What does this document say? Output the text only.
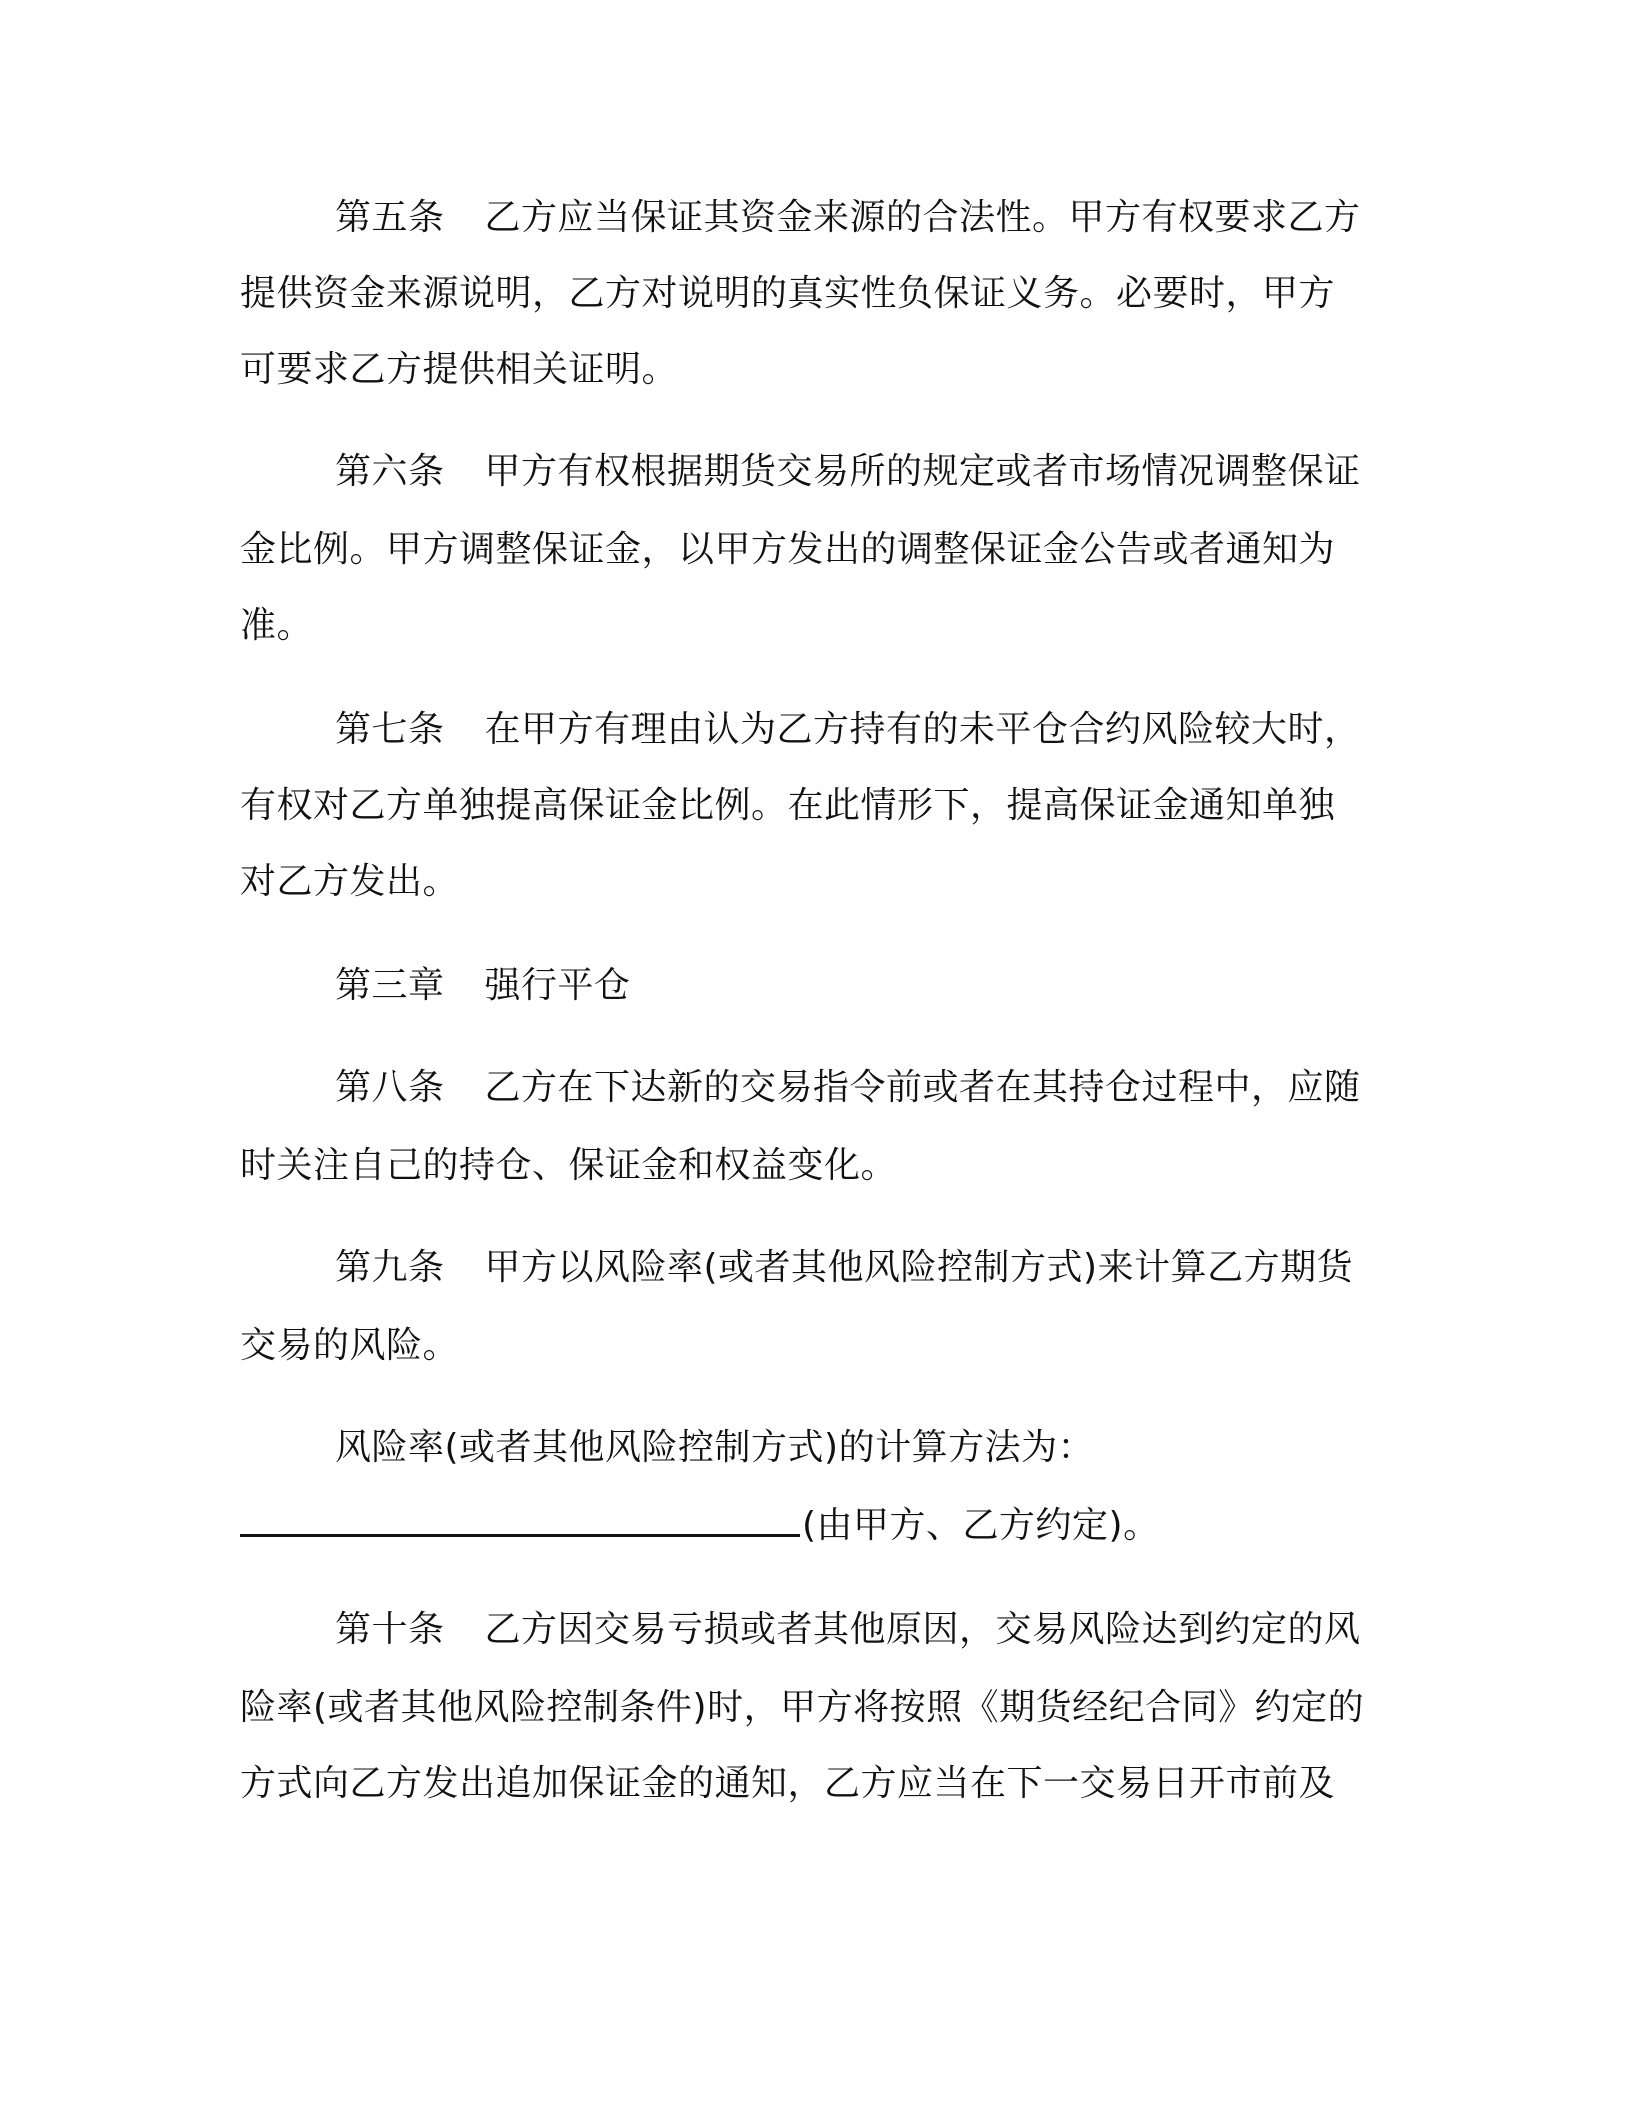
第五条 乙方应当保证其资金来源的合法性。甲方有权要求乙方
提供资金来源说明，乙方对说明的真实性负保证义务。必要时，甲方
可要求乙方提供相关证明。
第六条 甲方有权根据期货交易所的规定或者市场情况调整保证
金比例。甲方调整保证金，以甲方发出的调整保证金公告或者通知为
准。
第七条 在甲方有理由认为乙方持有的未平仓合约风险较大时，
有权对乙方单独提高保证金比例。在此情形下，提高保证金通知单独
对乙方发出。
第三章 强行平仓
第八条 乙方在下达新的交易指令前或者在其持仓过程中，应随
时关注自己的持仓、保证金和权益变化。
第九条 甲方以风险率(或者其他风险控制方式)来计算乙方期货
交易的风险。
风险率(或者其他风险控制方式)的计算方法为：
(由甲方、乙方约定)。
第十条 乙方因交易亏损或者其他原因，交易风险达到约定的风
险率(或者其他风险控制条件)时，甲方将按照《期货经纪合同》约定的
方式向乙方发出追加保证金的通知，乙方应当在下一交易日开市前及
